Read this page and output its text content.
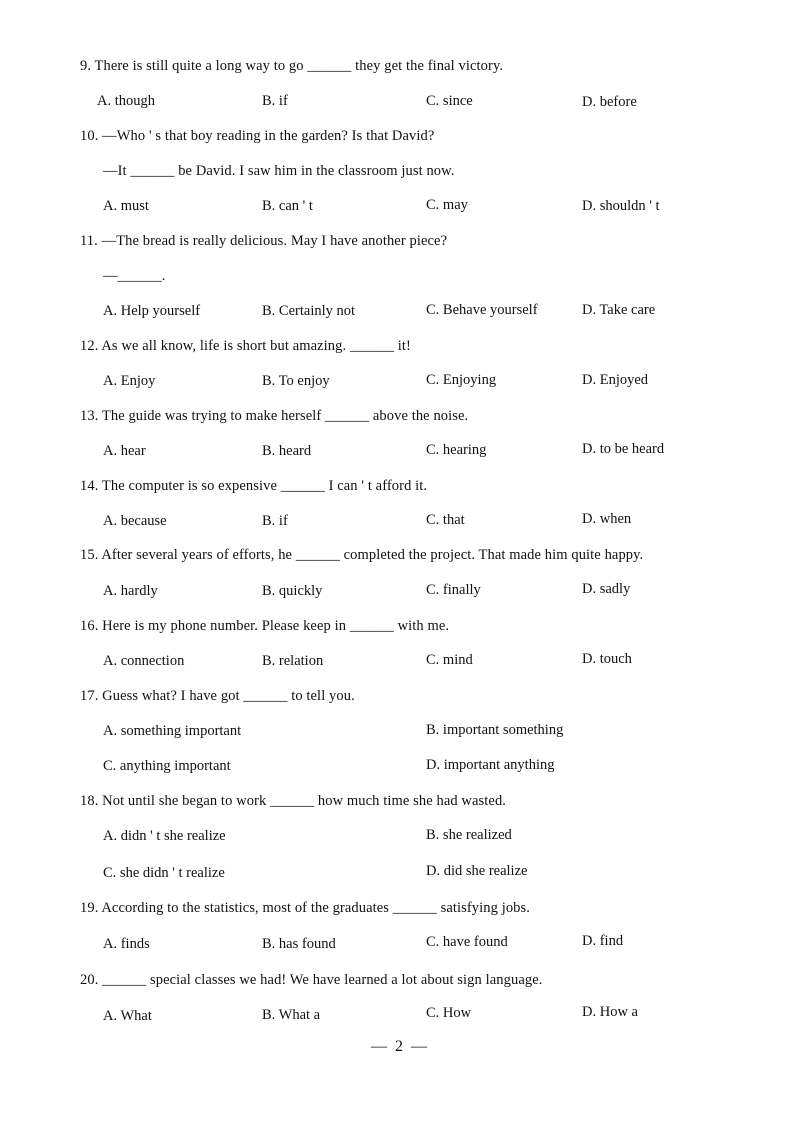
9. There is still quite a long way to go ______ they get the final victory.
A. though	B. if	C. since	D. before
10. —Who ' s that boy reading in the garden? Is that David?
—It ______ be David. I saw him in the classroom just now.
A. must	B. can ' t	C. may	D. shouldn ' t
11. —The bread is really delicious. May I have another piece?
—______.
A. Help yourself	B. Certainly not	C. Behave yourself	D. Take care
12. As we all know, life is short but amazing. ______ it!
A. Enjoy	B. To enjoy	C. Enjoying	D. Enjoyed
13. The guide was trying to make herself ______ above the noise.
A. hear	B. heard	C. hearing	D. to be heard
14. The computer is so expensive ______ I can ' t afford it.
A. because	B. if	C. that	D. when
15. After several years of efforts, he ______ completed the project. That made him quite happy.
A. hardly	B. quickly	C. finally	D. sadly
16. Here is my phone number. Please keep in ______ with me.
A. connection	B. relation	C. mind	D. touch
17. Guess what? I have got ______ to tell you.
A. something important	B. important something
C. anything important	D. important anything
18. Not until she began to work ______ how much time she had wasted.
A. didn ' t she realize	B. she realized
C. she didn ' t realize	D. did she realize
19. According to the statistics, most of the graduates ______ satisfying jobs.
A. finds	B. has found	C. have found	D. find
20. ______ special classes we had! We have learned a lot about sign language.
A. What	B. What a	C. How	D. How a
— 2 —
